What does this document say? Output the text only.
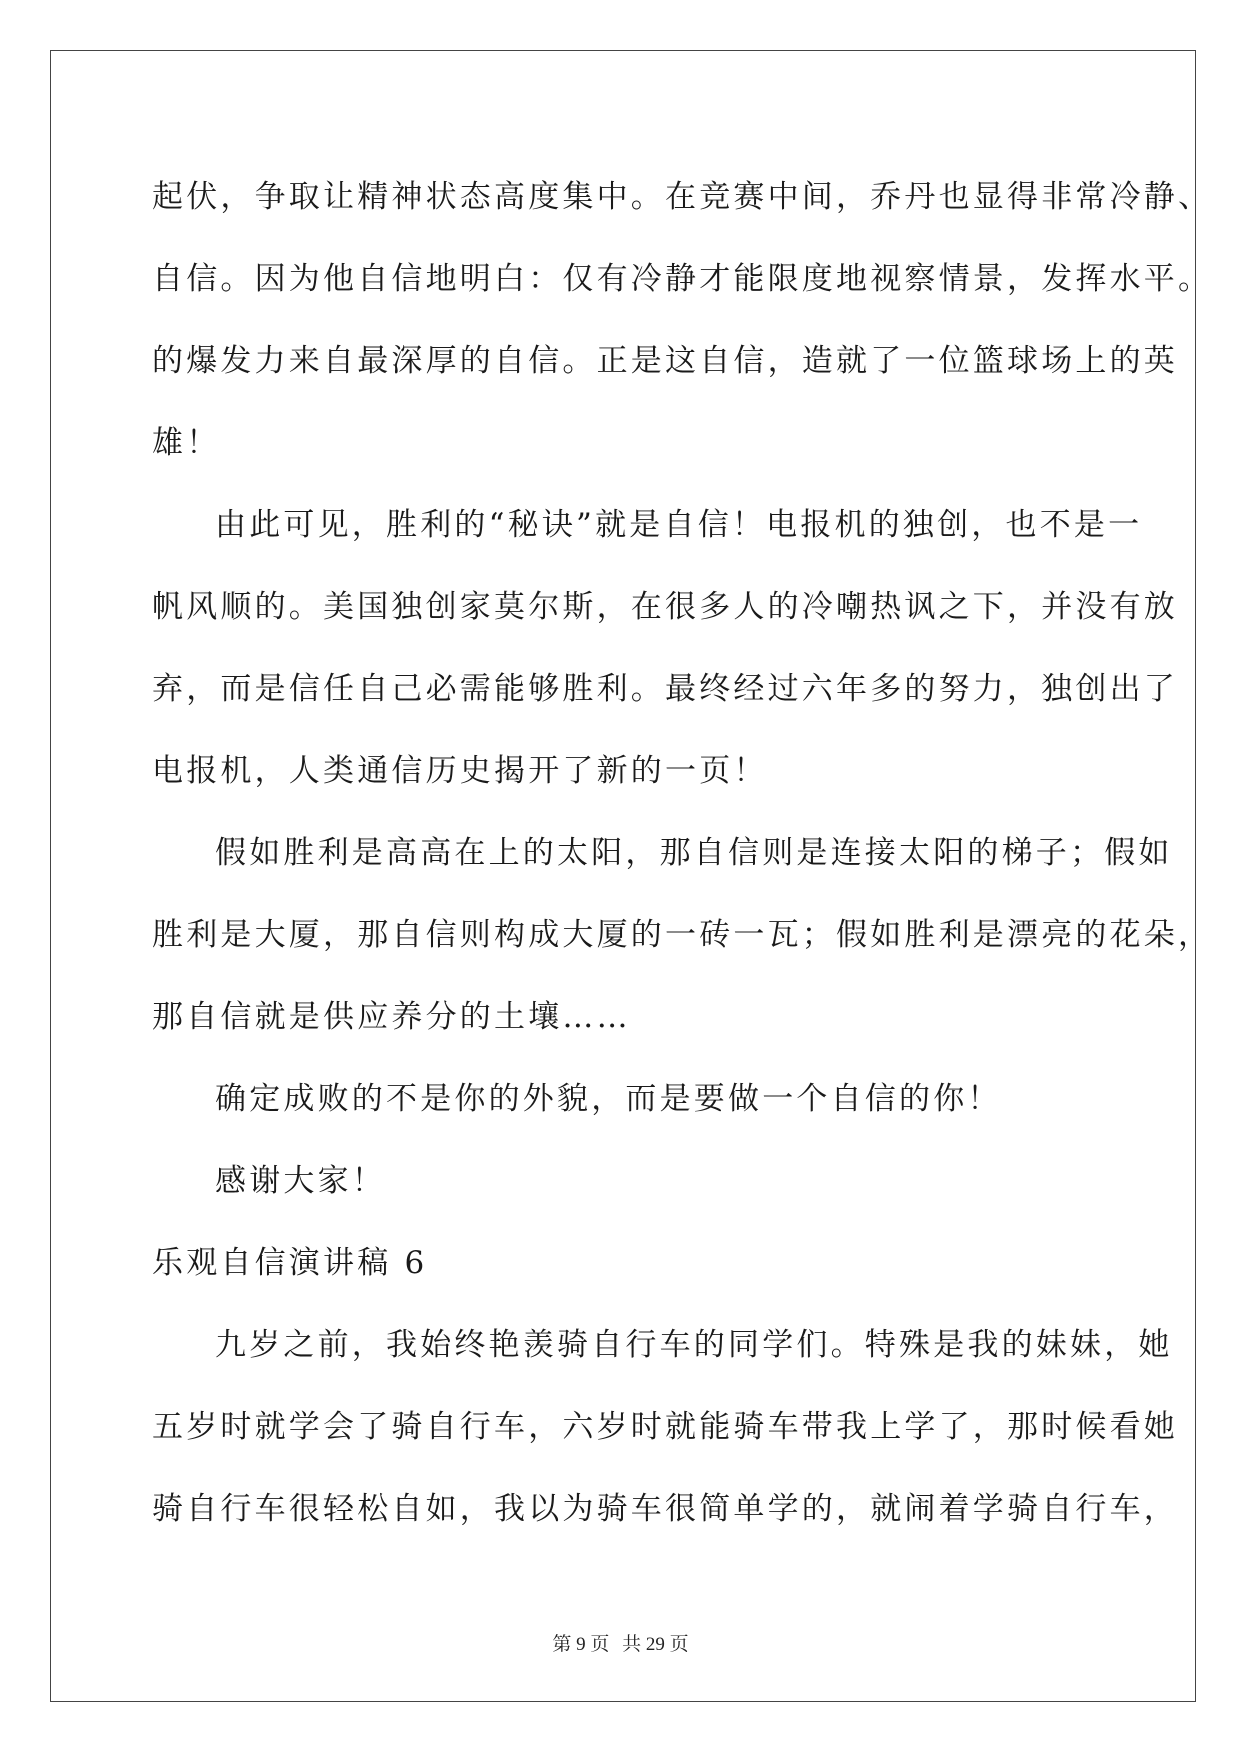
起伏，争取让精神状态高度集中。在竞赛中间，乔丹也显得非常冷静、
自信。因为他自信地明白：仅有冷静才能限度地视察情景，发挥水平。
的爆发力来自最深厚的自信。正是这自信，造就了一位篮球场上的英
雄！
由此可见，胜利的“秘诀”就是自信！电报机的独创，也不是一
帆风顺的。美国独创家莫尔斯，在很多人的冷嘲热讽之下，并没有放
弃，而是信任自己必需能够胜利。最终经过六年多的努力，独创出了
电报机，人类通信历史揭开了新的一页！
假如胜利是高高在上的太阳，那自信则是连接太阳的梯子；假如
胜利是大厦，那自信则构成大厦的一砖一瓦；假如胜利是漂亮的花朵，
那自信就是供应养分的土壤……
确定成败的不是你的外貌，而是要做一个自信的你！
感谢大家！
乐观自信演讲稿 6
九岁之前，我始终艳羡骑自行车的同学们。特殊是我的妹妹，她
五岁时就学会了骑自行车，六岁时就能骑车带我上学了，那时候看她
骑自行车很轻松自如，我以为骑车很简单学的，就闹着学骑自行车，
第 9 页 共 29 页
